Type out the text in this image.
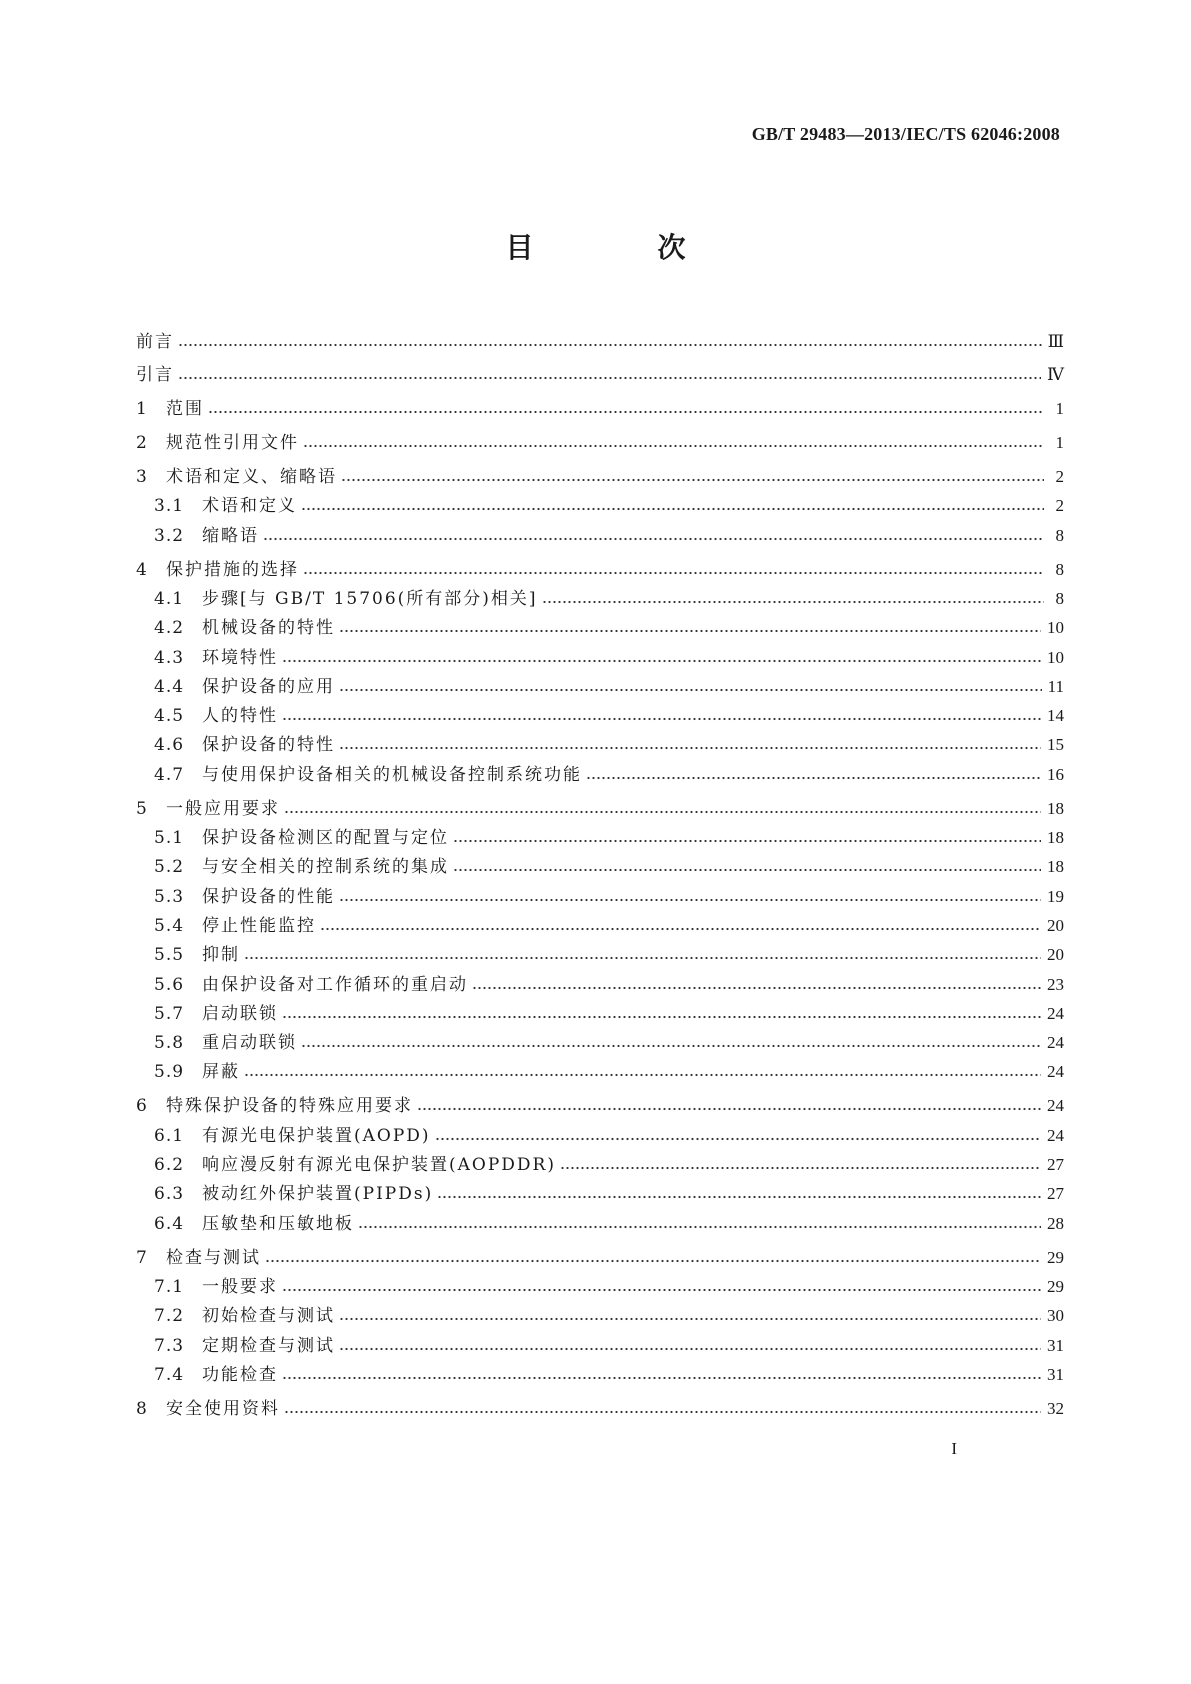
GB/T 29483—2013/IEC/TS 62046:2008
目　次
前言	Ⅲ
引言	Ⅳ
1	范围	1
2	规范性引用文件	1
3	术语和定义、缩略语	2
3.1	术语和定义	2
3.2	缩略语	8
4	保护措施的选择	8
4.1	步骤[与 GB/T 15706(所有部分)相关]	8
4.2	机械设备的特性	10
4.3	环境特性	10
4.4	保护设备的应用	11
4.5	人的特性	14
4.6	保护设备的特性	15
4.7	与使用保护设备相关的机械设备控制系统功能	16
5	一般应用要求	18
5.1	保护设备检测区的配置与定位	18
5.2	与安全相关的控制系统的集成	18
5.3	保护设备的性能	19
5.4	停止性能监控	20
5.5	抑制	20
5.6	由保护设备对工作循环的重启动	23
5.7	启动联锁	24
5.8	重启动联锁	24
5.9	屏蔽	24
6	特殊保护设备的特殊应用要求	24
6.1	有源光电保护装置(AOPD)	24
6.2	响应漫反射有源光电保护装置(AOPDDR)	27
6.3	被动红外保护装置(PIPDs)	27
6.4	压敏垫和压敏地板	28
7	检查与测试	29
7.1	一般要求	29
7.2	初始检查与测试	30
7.3	定期检查与测试	31
7.4	功能检查	31
8	安全使用资料	32
I
